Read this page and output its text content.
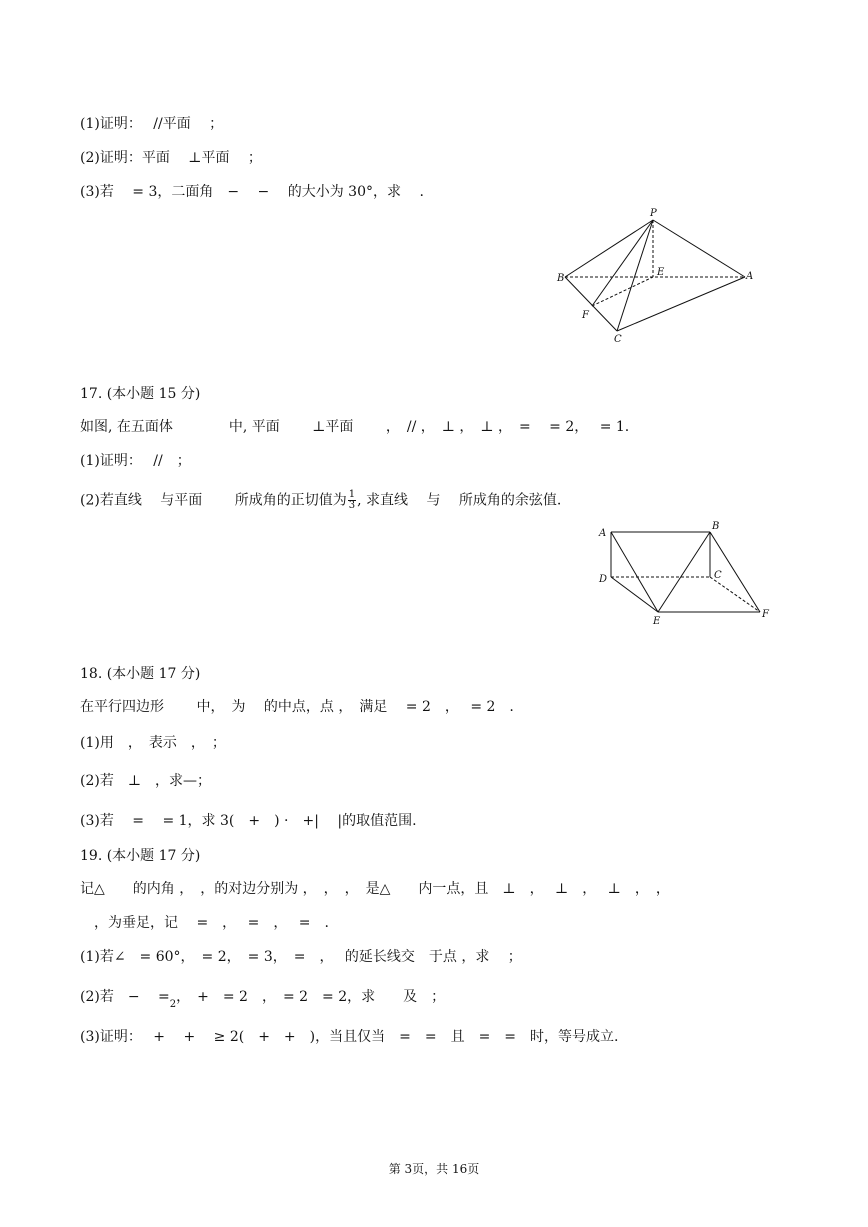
(1)证明：　 //平面　 ；
(2)证明：平面　 ⊥平面　 ；
(3)若　 = 3，二面角　−　 −　 的大小为 30°，求　 .
P
B
E	A
F
C
A
B
D	C
E
F
17. (本小题 15 分)
如图, 在五面体　　　　中, 平面　　 ⊥平面　　 ，　// ，　⊥ ，　⊥ ，　=　 = 2，　 = 1.
(1)证明：　 //　；
(2)若直线　 与平面　　 所成角的正切值为 $\frac{1}{3}$ , 求直线　 与　 所成角的余弦值.
18. (本小题 17 分)
在平行四边形　　 中，　为　 的中点，点 ，　满足　 = 2　，　 = 2　.
(1)用　，　表示　，　；
(2)若　⊥　，求—；
(3)若　 =　 = 1，求 3(　+　) ·　+|　 |的取值范围.
19. (本小题 17 分)
记△　　的内角 ，　，的对边分别为 ，　，　，　是△　　内一点，且　⊥　，　 ⊥　，　 ⊥　，　，
　，为垂足，记　 =　，　 =　，　 =　.
(1)若∠　= 60°，　= 2，　= 3，　=　，　 的延长线交　于点 ，求　 ；
(2)若　−　 $=_2$，　+　= 2　，　= 2　= 2，求　　及　；
(3)证明：　 +　 +　 ≥ 2(　+　+　)，当且仅当　=　=　且　=　=　时，等号成立.
第 3页，共 16页
